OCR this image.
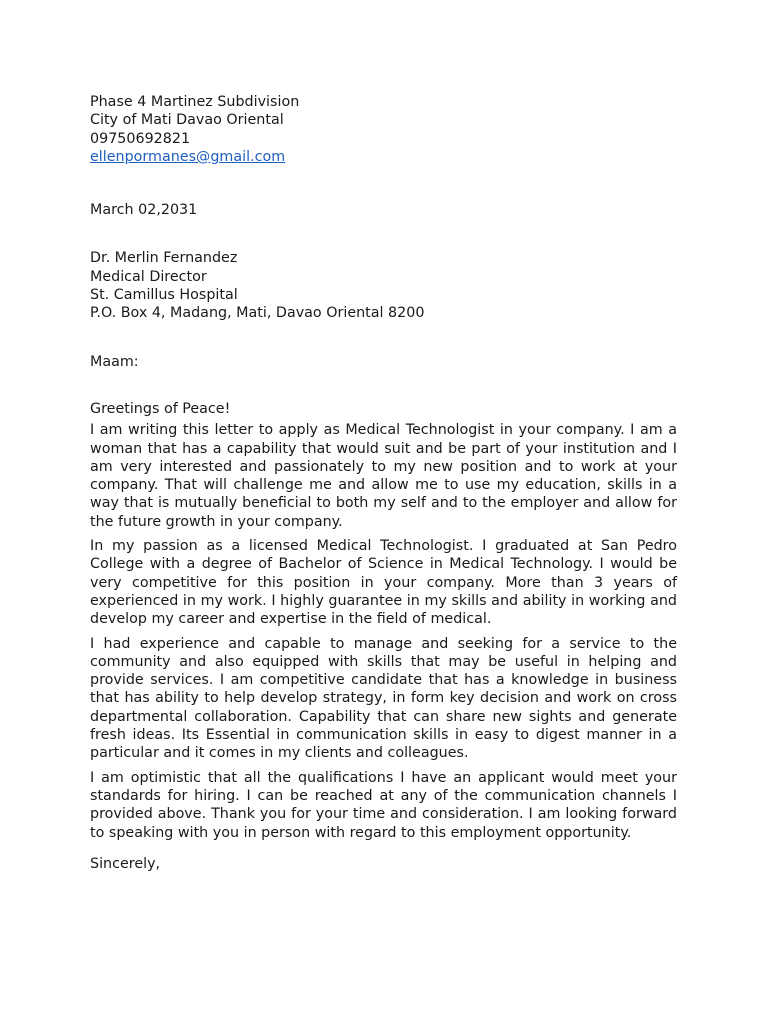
Phase 4 Martinez Subdivision
City of Mati Davao Oriental
09750692821
ellenpormanes@gmail.com
March 02,2031
Dr. Merlin Fernandez
Medical Director
St. Camillus Hospital
P.O. Box 4, Madang, Mati, Davao Oriental 8200
Maam:
Greetings of Peace!

I am writing this letter to apply as Medical Technologist in your company. I am a woman that has a capability that would suit and be part of your institution and I am very interested and passionately to my new position and to work at your company. That will challenge me and allow me to use my education, skills in a way that is mutually beneficial to both my self and to the employer and allow for the future growth in your company.

In my passion as a licensed Medical Technologist. I graduated at San Pedro College with a degree of Bachelor of Science in Medical Technology. I would be very competitive for this position in your company. More than 3 years of experienced in my work. I highly guarantee in my skills and ability in working and develop my career and expertise in the field of medical.

I had experience and capable to manage and seeking for a service to the community and also equipped with skills that may be useful in helping and provide services. I am competitive candidate that has a knowledge in business that has ability to help develop strategy, in form key decision and work on cross departmental collaboration. Capability that can share new sights and generate fresh ideas. Its Essential in communication skills in easy to digest manner in a particular and it comes in my clients and colleagues.

I am optimistic that all the qualifications I have an applicant would meet your standards for hiring. I can be reached at any of the communication channels I provided above. Thank you for your time and consideration. I am looking forward to speaking with you in person with regard to this employment opportunity.

Sincerely,
